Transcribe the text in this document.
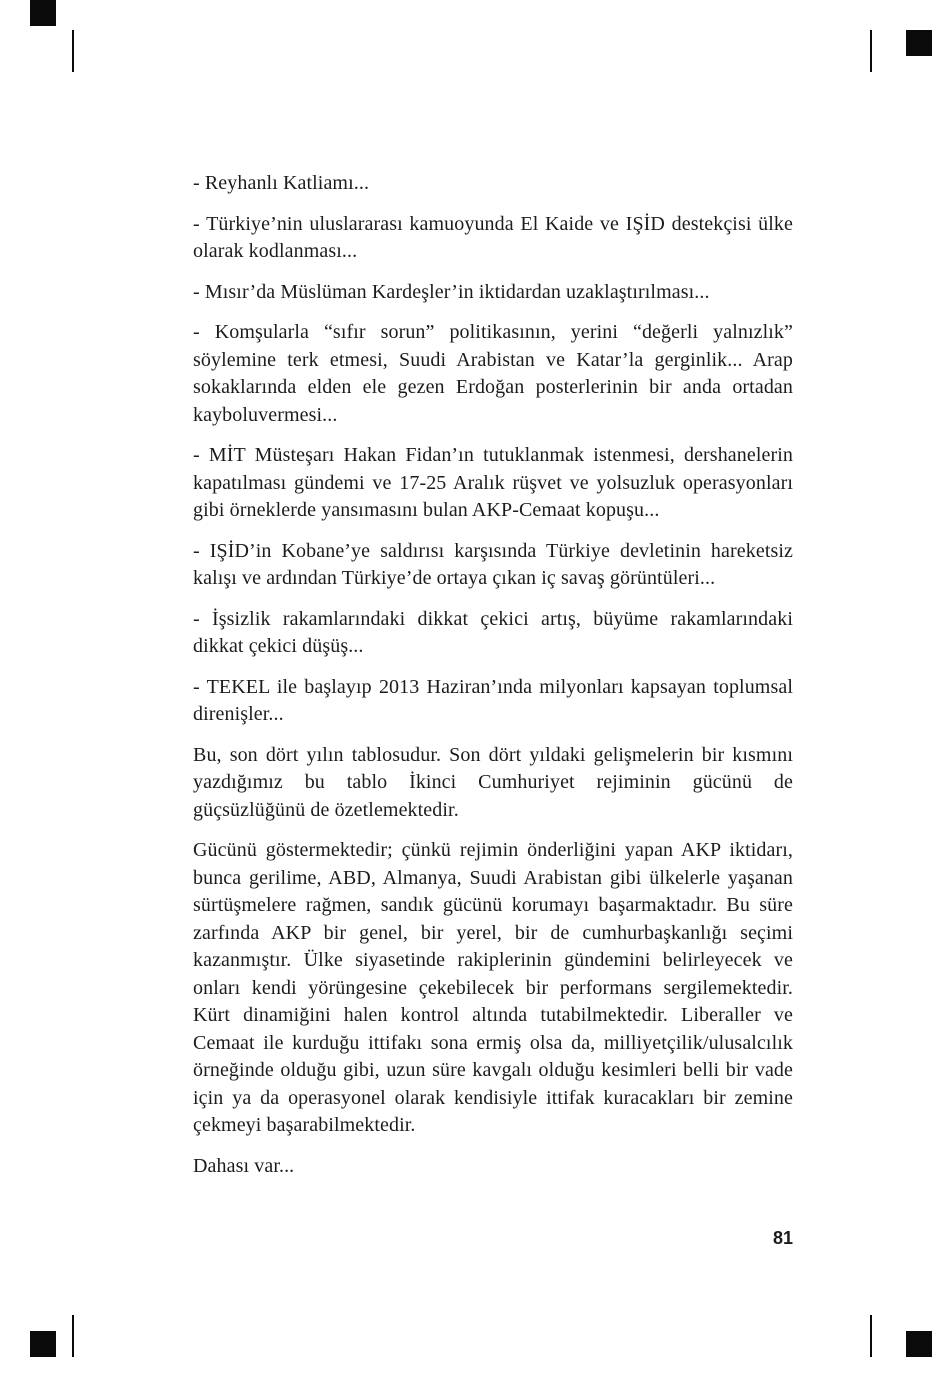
- Reyhanlı Katliamı...

- Türkiye’nin uluslararası kamuoyunda El Kaide ve IŞİD destekçisi ülke olarak kodlanması...

- Mısır’da Müslüman Kardeşler’in iktidardan uzaklaştırılması...

- Komşularla “sıfır sorun” politikasının, yerini “değerli yalnızlık” söylemine terk etmesi, Suudi Arabistan ve Katar’la gerginlik... Arap sokaklarında elden ele gezen Erdoğan posterlerinin bir anda ortadan kayboluvermesi...

- MİT Müsteşarı Hakan Fidan’ın tutuklanmak istenmesi, dershanelerin kapatılması gündemi ve 17-25 Aralık rüşvet ve yolsuzluk operasyonları gibi örneklerde yansımasını bulan AKP-Cemaat kopuşu...

- IŞİD’in Kobane’ye saldırısı karşısında Türkiye devletinin hareketsiz kalışı ve ardından Türkiye’de ortaya çıkan iç savaş görüntüleri...

- İşsizlik rakamlarındaki dikkat çekici artış, büyüme rakamlarındaki dikkat çekici düşüş...

- TEKEL ile başlayıp 2013 Haziran’ında milyonları kapsayan toplumsal direnişler...

Bu, son dört yılın tablosudur. Son dört yıldaki gelişmelerin bir kısmını yazdığımız bu tablo İkinci Cumhuriyet rejiminin gücünü de güçsüzlüğünü de özetlemektedir.

Gücünü göstermektedir; çünkü rejimin önderliğini yapan AKP iktidarı, bunca gerilime, ABD, Almanya, Suudi Arabistan gibi ülkelerle yaşanan sürtüşmelere rağmen, sandık gücünü korumayı başarmaktadır. Bu süre zarfında AKP bir genel, bir yerel, bir de cumhurbaşkanlığı seçimi kazanmıştır. Ülke siyasetinde rakiplerinin gündemini belirleyecek ve onları kendi yörüngesine çekebilecek bir performans sergilemektedir. Kürt dinamiğini halen kontrol altında tutabilmektedir. Liberaller ve Cemaat ile kurduğu ittifakı sona ermiş olsa da, milliyetçilik/ulusalcılık örneğinde olduğu gibi, uzun süre kavgalı olduğu kesimleri belli bir vade için ya da operasyonel olarak kendisiyle ittifak kuracakları bir zemine çekmeyi başarabilmektedir.

Dahası var...

81
